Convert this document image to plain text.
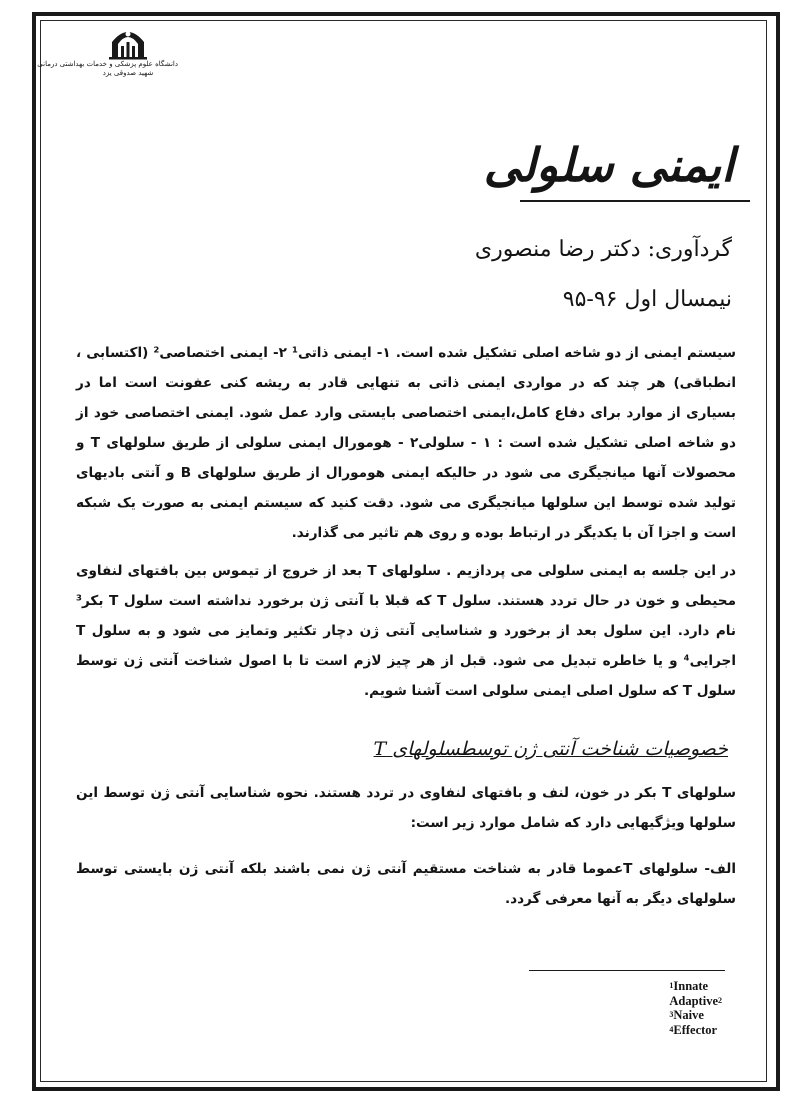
دانشگاه علوم پزشکی و خدمات بهداشتی درمانی
شهید صدوقی یزد
ایمنی سلولی
گردآوری: دکتر رضا منصوری
نیمسال اول ۹۶-۹۵

سیستم ایمنی از دو شاخه اصلی تشکیل شده است. ۱- ایمنی ذاتی¹ ۲- ایمنی اختصاصی² (اکتسابی ، انطباقی) هر چند که در مواردی ایمنی ذاتی به تنهایی قادر به ریشه کنی عفونت است اما در بسیاری از موارد برای دفاع کامل،ایمنی اختصاصی بایستی وارد عمل شود. ایمنی اختصاصی خود از دو شاخه اصلی تشکیل شده است : ۱ - سلولی۲ - هومورال ایمنی سلولی از طریق سلولهای T و محصولات آنها میانجیگری می شود در حالیکه ایمنی هومورال از طریق سلولهای B و آنتی بادیهای تولید شده توسط این سلولها میانجیگری می شود. دقت کنید که سیستم ایمنی به صورت یک شبکه است و اجزا آن با یکدیگر در ارتباط بوده و روی هم تاثیر می گذارند.

در این جلسه به ایمنی سلولی می پردازیم . سلولهای T بعد از خروج از تیموس بین بافتهای لنفاوی محیطی و خون در حال تردد هستند. سلول T که قبلا با آنتی ژن برخورد نداشته است سلول T بکر³ نام دارد. این سلول بعد از برخورد و شناسایی آنتی ژن دچار تکثیر وتمایز می شود و به سلول T اجرایی⁴ و یا خاطره تبدیل می شود. قبل از هر چیز لازم است تا با اصول شناخت آنتی ژن توسط سلول T که سلول اصلی ایمنی سلولی است آشنا شویم.

خصوصیات شناخت آنتی ژن توسطسلولهای T

سلولهای T بکر در خون، لنف و بافتهای لنفاوی در تردد هستند. نحوه شناسایی آنتی ژن توسط این سلولها ویژگیهایی دارد که شامل موارد زیر است:

الف- سلولهای Tعموما قادر به شناخت مستقیم آنتی ژن نمی باشند بلکه آنتی ژن بایستی توسط سلولهای دیگر به آنها معرفی گردد.

$^1$Innate
Adaptive$^2$
$^3$Naive
$^4$Effector
